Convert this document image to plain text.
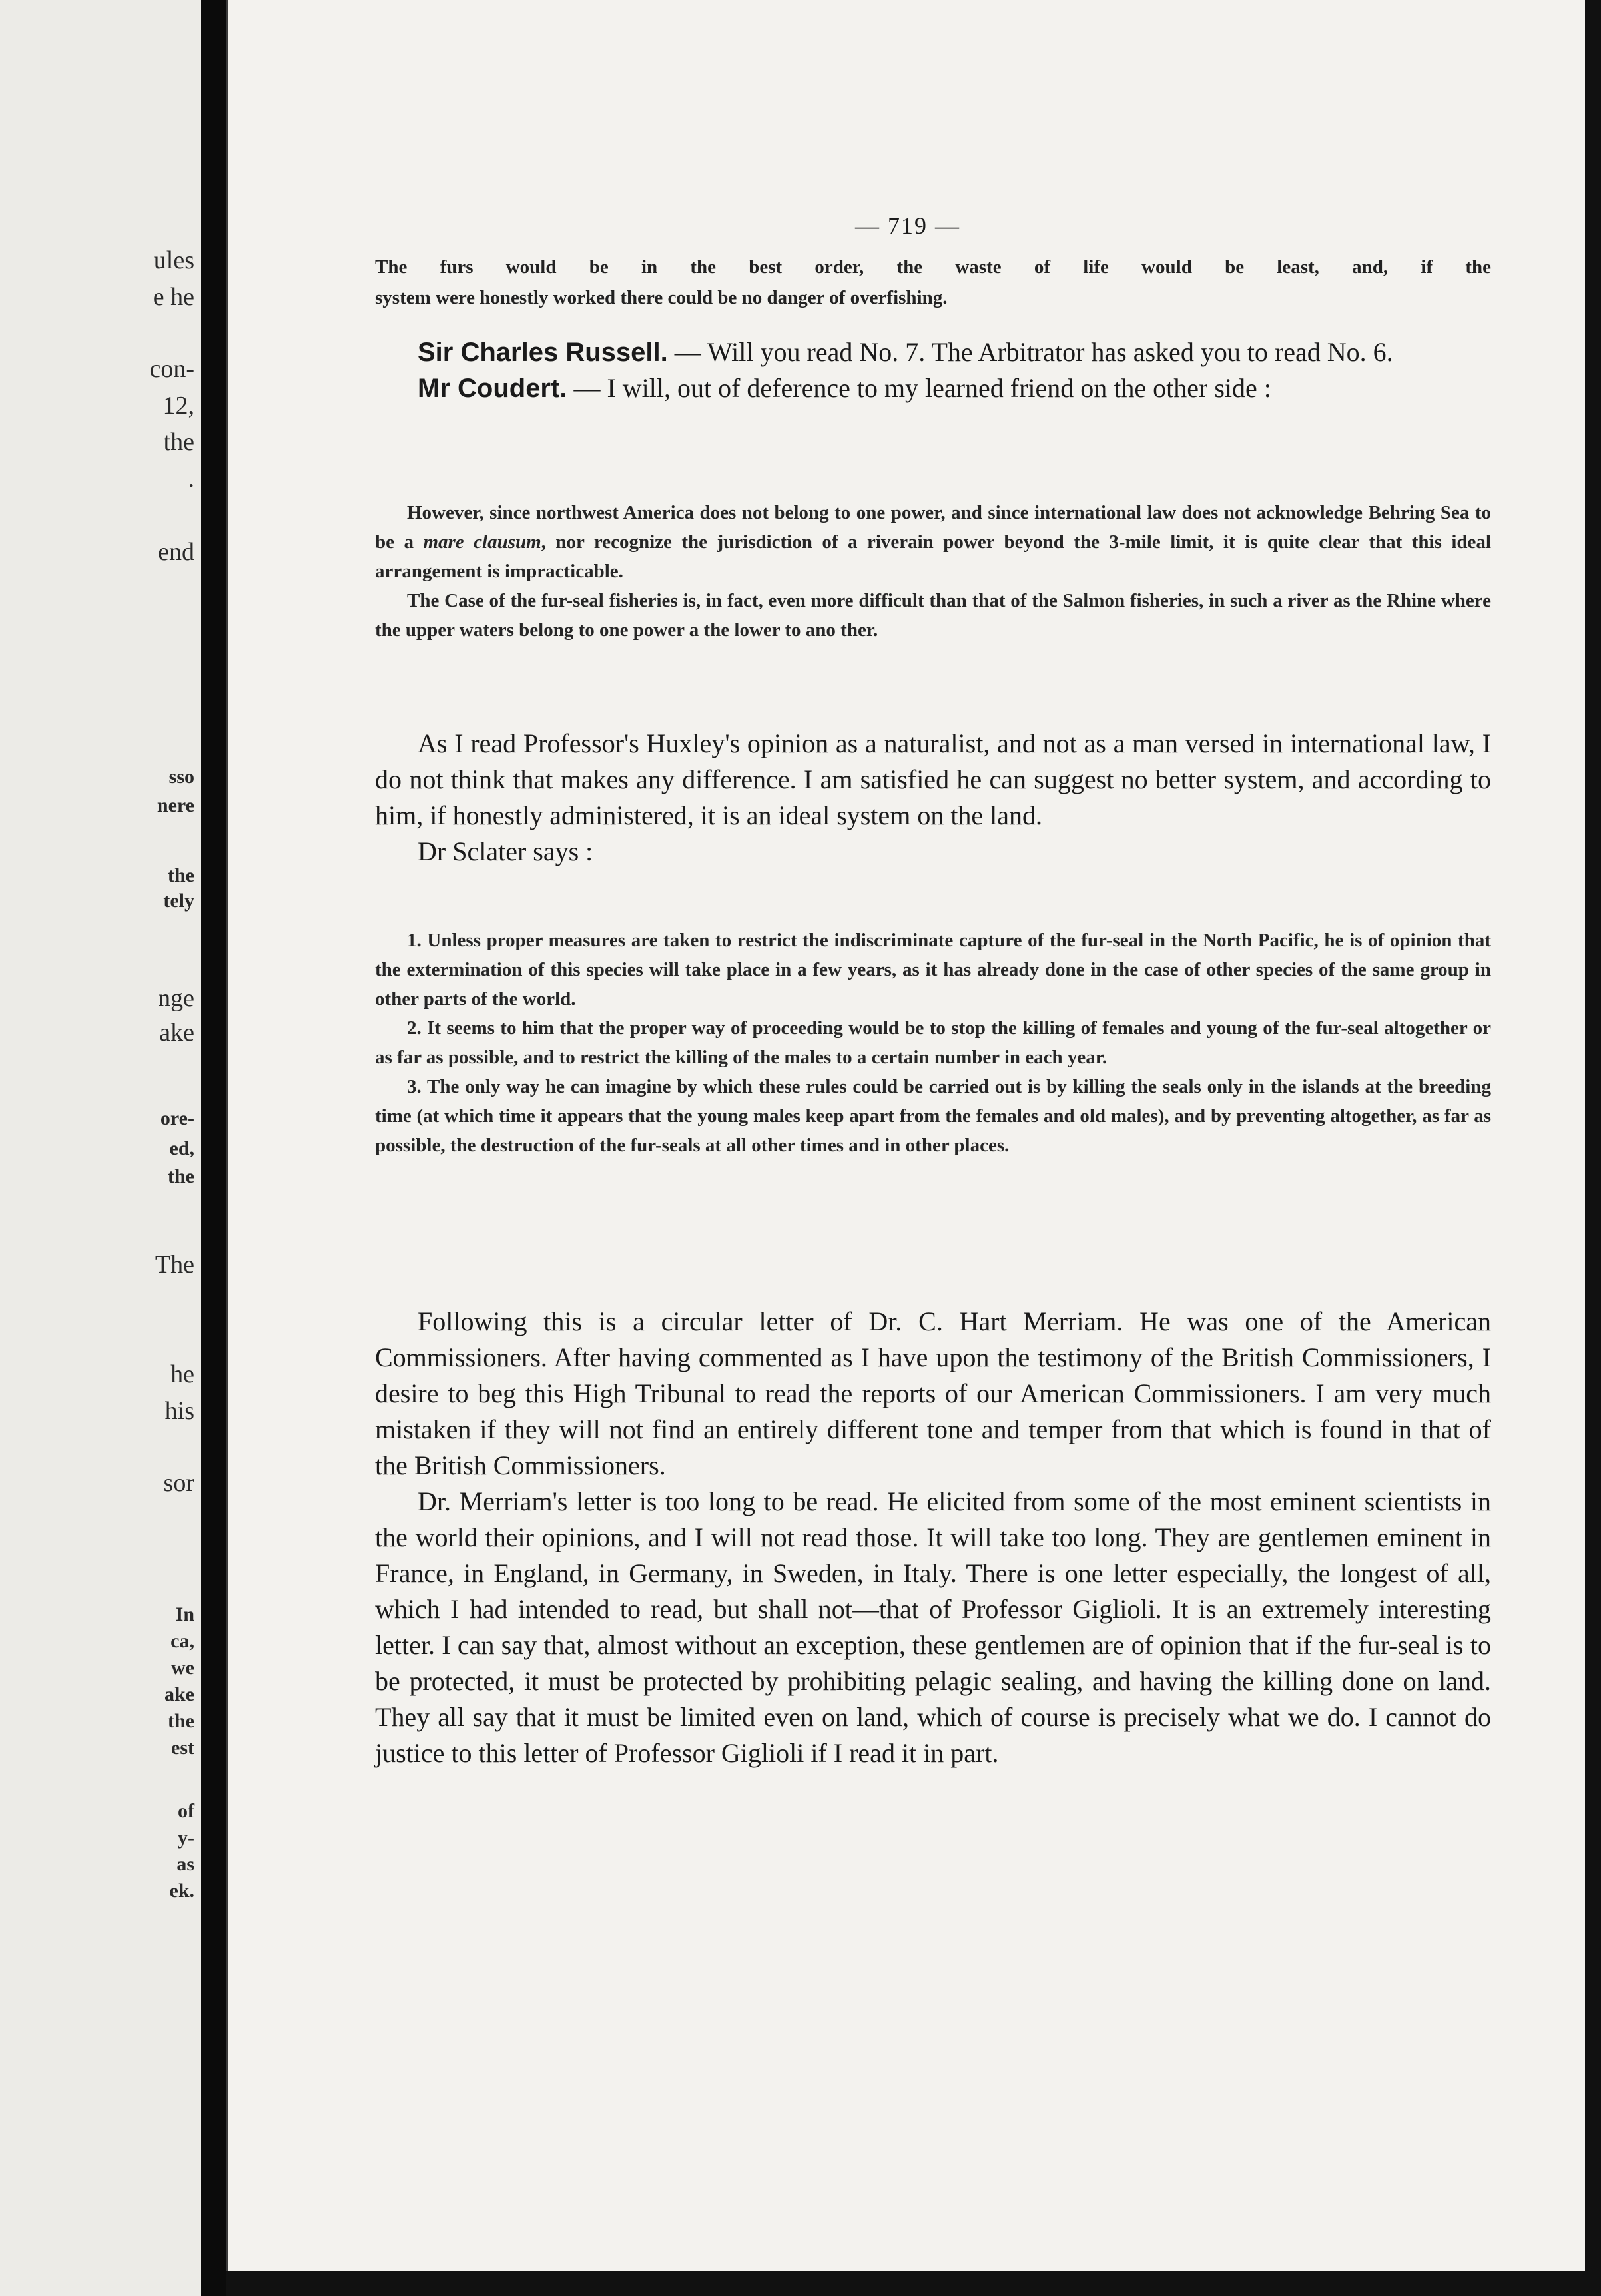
ules
e he
con-
12,
the
.
end
sso
nere
the
tely
nge
ake
ore-
ed,
the
The
he
his
sor
In
ca,
we
ake
the
est
of
y-
as
ek.
— 719 —

The furs would be in the best order, the waste of life would be least, and, if the

system were honestly worked there could be no danger of overfishing.

Sir Charles Russell. — Will you read No. 7. The Arbitrator has asked you to read No. 6.

Mr Coudert. — I will, out of deference to my learned friend on the other side :

However, since northwest America does not belong to one power, and since international law does not acknowledge Behring Sea to be a mare clausum, nor recognize the jurisdiction of a riverain power beyond the 3-mile limit, it is quite clear that this ideal arrangement is impracticable.

The Case of the fur-seal fisheries is, in fact, even more difficult than that of the Salmon fisheries, in such a river as the Rhine where the upper waters belong to one power a the lower to ano ther.

As I read Professor's Huxley's opinion as a naturalist, and not as a man versed in international law, I do not think that makes any difference. I am satisfied he can suggest no better system, and according to him, if honestly administered, it is an ideal system on the land.

Dr Sclater says :

1. Unless proper measures are taken to restrict the indiscriminate capture of the fur-seal in the North Pacific, he is of opinion that the extermination of this species will take place in a few years, as it has already done in the case of other species of the same group in other parts of the world.

2. It seems to him that the proper way of proceeding would be to stop the killing of females and young of the fur-seal altogether or as far as possible, and to restrict the killing of the males to a certain number in each year.

3. The only way he can imagine by which these rules could be carried out is by killing the seals only in the islands at the breeding time (at which time it appears that the young males keep apart from the females and old males), and by preventing altogether, as far as possible, the destruction of the fur-seals at all other times and in other places.

Following this is a circular letter of Dr. C. Hart Merriam. He was one of the American Commissioners. After having commented as I have upon the testimony of the British Commissioners, I desire to beg this High Tribunal to read the reports of our American Commissioners. I am very much mistaken if they will not find an entirely different tone and temper from that which is found in that of the British Commissioners.

Dr. Merriam's letter is too long to be read. He elicited from some of the most eminent scientists in the world their opinions, and I will not read those. It will take too long. They are gentlemen eminent in France, in England, in Germany, in Sweden, in Italy. There is one letter especially, the longest of all, which I had intended to read, but shall not—that of Professor Giglioli. It is an extremely interesting letter. I can say that, almost without an exception, these gentlemen are of opinion that if the fur-seal is to be protected, it must be protected by prohibiting pelagic sealing, and having the killing done on land. They all say that it must be limited even on land, which of course is precisely what we do. I cannot do justice to this letter of Professor Giglioli if I read it in part.
